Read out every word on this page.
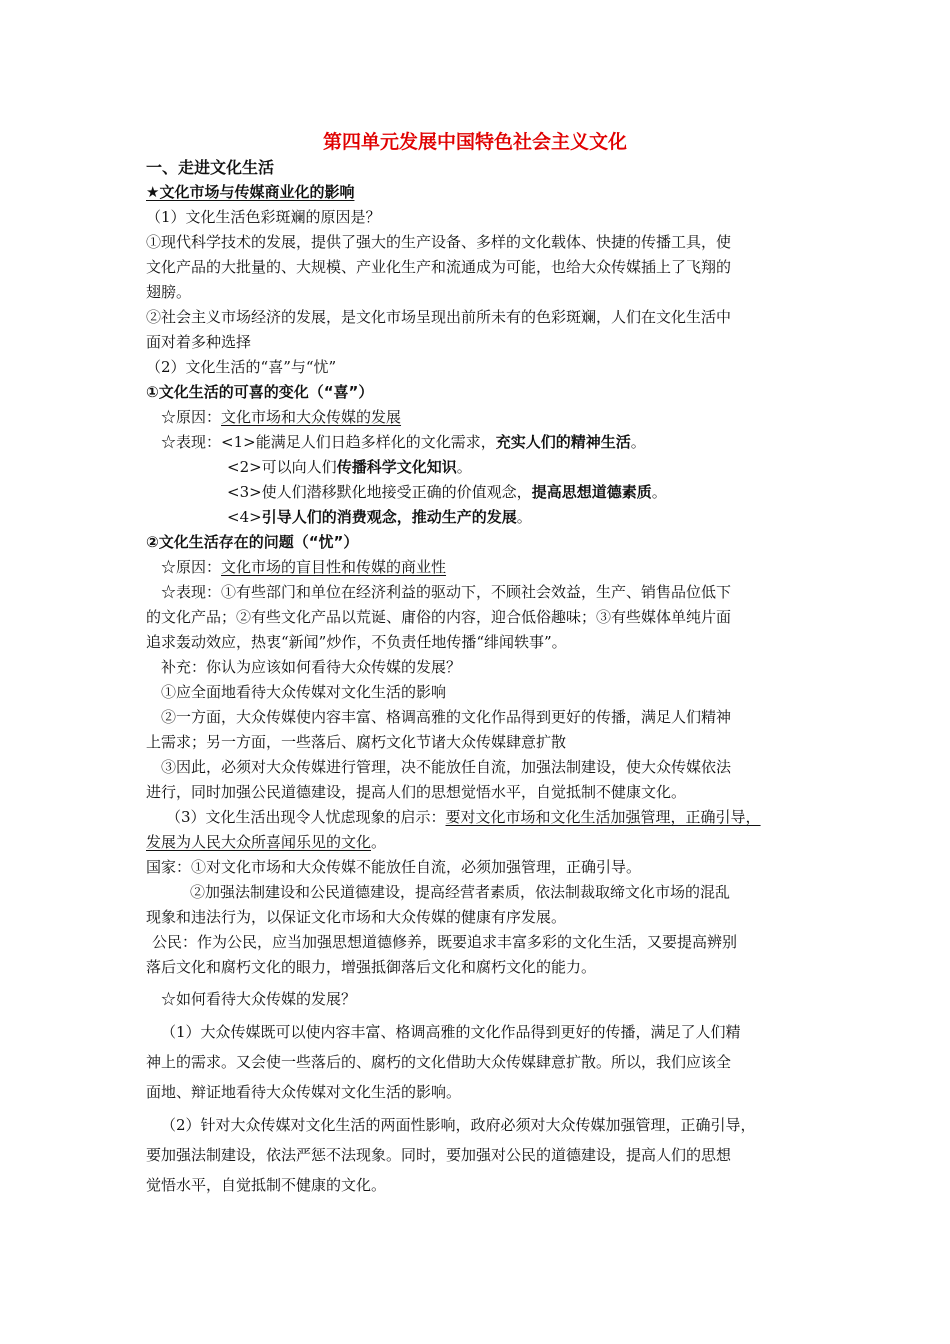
第四单元发展中国特色社会主义文化
一、走进文化生活
★文化市场与传媒商业化的影响
（1）文化生活色彩斑斓的原因是？
①现代科学技术的发展，提供了强大的生产设备、多样的文化载体、快捷的传播工具，使
文化产品的大批量的、大规模、产业化生产和流通成为可能，也给大众传媒插上了飞翔的
翅膀。
②社会主义市场经济的发展，是文化市场呈现出前所未有的色彩斑斓，人们在文化生活中
面对着多种选择
（2）文化生活的“喜”与“忧”
①文化生活的可喜的变化（“喜”）
☆原因：文化市场和大众传媒的发展
☆表现：<1>能满足人们日趋多样化的文化需求，充实人们的精神生活。
<2>可以向人们传播科学文化知识。
<3>使人们潜移默化地接受正确的价值观念，提高思想道德素质。
<4>引导人们的消费观念，推动生产的发展。
②文化生活存在的问题（“忧”）
☆原因：文化市场的盲目性和传媒的商业性
☆表现：①有些部门和单位在经济利益的驱动下，不顾社会效益，生产、销售品位低下
的文化产品；②有些文化产品以荒诞、庸俗的内容，迎合低俗趣味；③有些媒体单纯片面
追求轰动效应，热衷“新闻”炒作，不负责任地传播“绯闻轶事”。
补充：你认为应该如何看待大众传媒的发展？
①应全面地看待大众传媒对文化生活的影响
②一方面，大众传媒使内容丰富、格调高雅的文化作品得到更好的传播，满足人们精神
上需求；另一方面，一些落后、腐朽文化节诸大众传媒肆意扩散
③因此，必须对大众传媒进行管理，决不能放任自流，加强法制建设，使大众传媒依法
进行，同时加强公民道德建设，提高人们的思想觉悟水平，自觉抵制不健康文化。
（3）文化生活出现令人忧虑现象的启示：要对文化市场和文化生活加强管理，正确引导，
发展为人民大众所喜闻乐见的文化。
国家：①对文化市场和大众传媒不能放任自流，必须加强管理，正确引导。
②加强法制建设和公民道德建设，提高经营者素质，依法制裁取缔文化市场的混乱
现象和违法行为，以保证文化市场和大众传媒的健康有序发展。
公民：作为公民，应当加强思想道德修养，既要追求丰富多彩的文化生活，又要提高辨别
落后文化和腐朽文化的眼力，增强抵御落后文化和腐朽文化的能力。
☆如何看待大众传媒的发展？
（1）大众传媒既可以使内容丰富、格调高雅的文化作品得到更好的传播，满足了人们精
神上的需求。又会使一些落后的、腐朽的文化借助大众传媒肆意扩散。所以，我们应该全
面地、辩证地看待大众传媒对文化生活的影响。
（2）针对大众传媒对文化生活的两面性影响，政府必须对大众传媒加强管理，正确引导，
要加强法制建设，依法严惩不法现象。同时，要加强对公民的道德建设，提高人们的思想
觉悟水平，自觉抵制不健康的文化。
